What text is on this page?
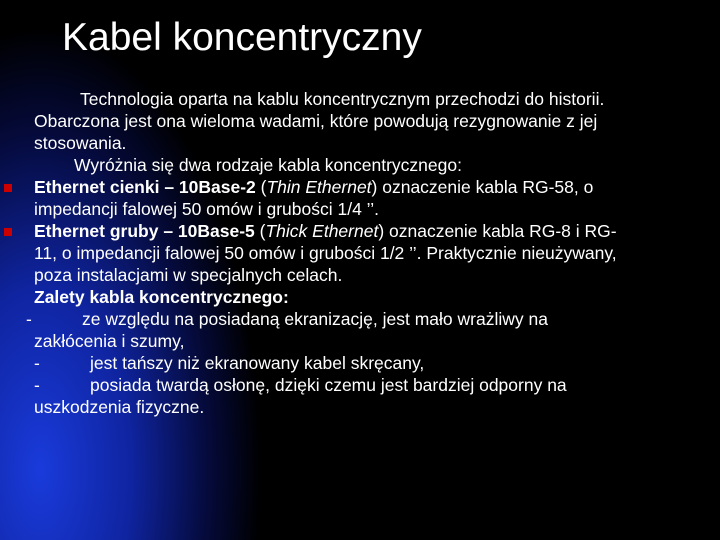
Kabel koncentryczny
Technologia oparta na kablu koncentrycznym przechodzi do historii.
Obarczona jest ona wieloma wadami, które powodują rezygnowanie z jej
stosowania.
Wyróżnia się dwa rodzaje kabla koncentrycznego:
Ethernet cienki – 10Base-2 (Thin Ethernet) oznaczenie kabla RG-58, o
impedancji falowej 50 omów i grubości 1/4 ’’.
Ethernet gruby – 10Base-5 (Thick Ethernet) oznaczenie kabla RG-8 i RG-
11, o impedancji falowej 50 omów i grubości 1/2 ’’. Praktycznie nieużywany,
poza instalacjami w specjalnych celach.
Zalety kabla koncentrycznego:
-	ze względu na posiadaną ekranizację, jest mało wrażliwy na
zakłócenia i szumy,
-	jest tańszy niż ekranowany kabel skręcany,
-	posiada twardą osłonę, dzięki czemu jest bardziej odporny na
uszkodzenia fizyczne.
